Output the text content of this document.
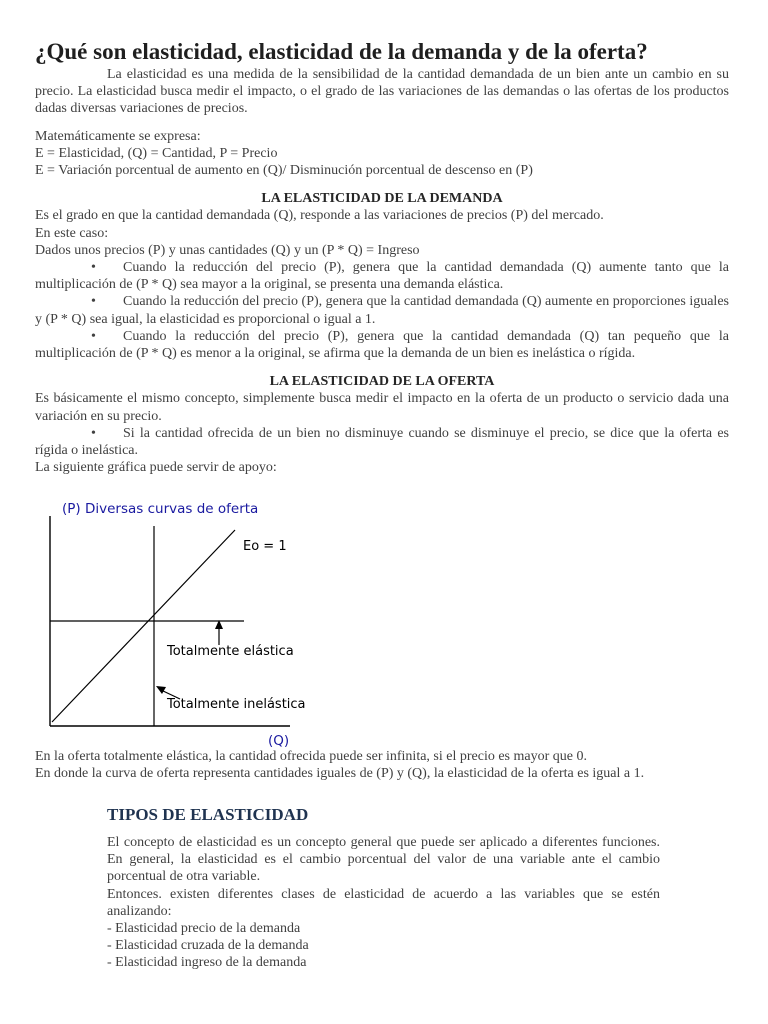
¿Qué son elasticidad, elasticidad de la demanda y de la oferta?

La elasticidad es una medida de la sensibilidad de la cantidad demandada de un bien ante un cambio en su precio. La elasticidad busca medir el impacto, o el grado de las variaciones de las demandas o las ofertas de los productos dadas diversas variaciones de precios.

Matemáticamente se expresa:

E = Elasticidad, (Q) = Cantidad, P = Precio

E = Variación porcentual de aumento en (Q)/ Disminución porcentual de descenso en (P)

LA ELASTICIDAD DE LA DEMANDA

Es el grado en que la cantidad demandada (Q), responde a las variaciones de precios (P) del mercado.

En este caso:

Dados unos precios (P) y unas cantidades (Q) y un (P * Q) = Ingreso

• Cuando la reducción del precio (P), genera que la cantidad demandada (Q) aumente tanto que la multiplicación de (P * Q) sea mayor a la original, se presenta una demanda elástica.

• Cuando la reducción del precio (P), genera que la cantidad demandada (Q) aumente en proporciones iguales y (P * Q) sea igual, la elasticidad es proporcional o igual a 1.

• Cuando la reducción del precio (P), genera que la cantidad demandada (Q) tan pequeño que la multiplicación de (P * Q) es menor a la original, se afirma que la demanda de un bien es inelástica o rígida.

LA ELASTICIDAD DE LA OFERTA

Es básicamente el mismo concepto, simplemente busca medir el impacto en la oferta de un producto o servicio dada una variación en su precio.

• Si la cantidad ofrecida de un bien no disminuye cuando se disminuye el precio, se dice que la oferta es rígida o inelástica.

La siguiente gráfica puede servir de apoyo:

(P) Diversas curvas de oferta
Eo = 1
Totalmente elástica
Totalmente inelástica
(Q)

En la oferta totalmente elástica, la cantidad ofrecida puede ser infinita, si el precio es mayor que 0.

En donde la curva de oferta representa cantidades iguales de (P) y (Q), la elasticidad de la oferta es igual a 1.

TIPOS DE ELASTICIDAD

El concepto de elasticidad es un concepto general que puede ser aplicado a diferentes funciones. En general, la elasticidad es el cambio porcentual del valor de una variable ante el cambio porcentual de otra variable.

Entonces. existen diferentes clases de elasticidad de acuerdo a las variables que se estén analizando:

- Elasticidad precio de la demanda

- Elasticidad cruzada de la demanda

- Elasticidad ingreso de la demanda
